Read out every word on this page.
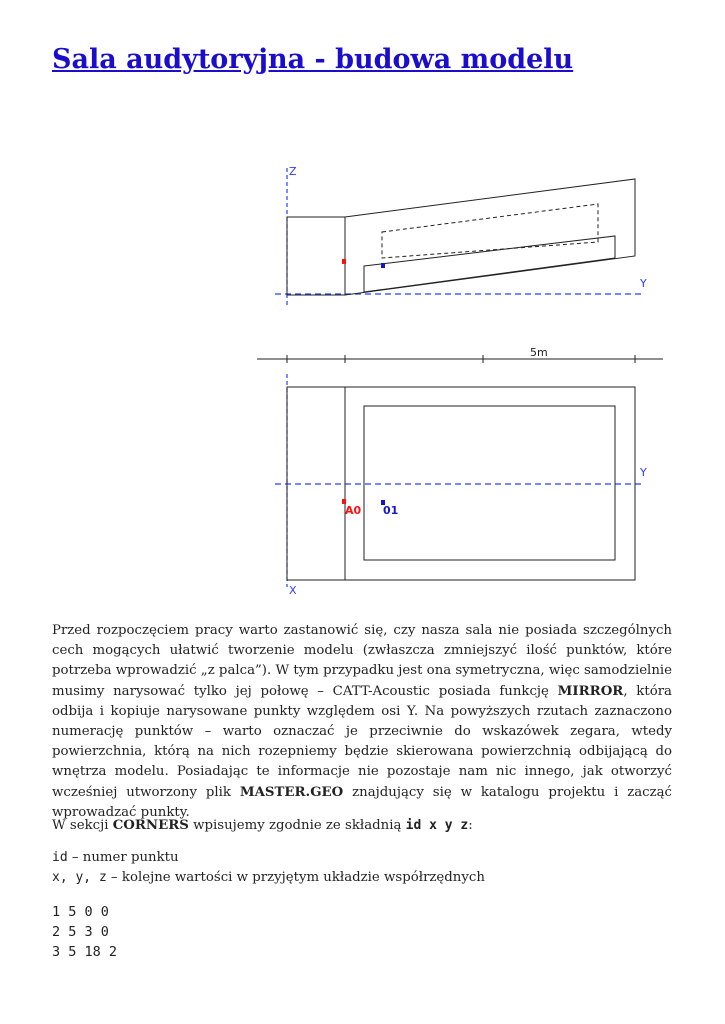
Sala audytoryjna - budowa modelu
Z
Y
5m
Y
X
A0 01

Przed rozpoczęciem pracy warto zastanowić się, czy nasza sala nie posiada szczególnych cech mogących ułatwić tworzenie modelu (zwłaszcza zmniejszyć ilość punktów, które potrzeba wprowadzić „z palca”). W tym przypadku jest ona symetryczna, więc samodzielnie musimy narysować tylko jej połowę – CATT-Acoustic posiada funkcję MIRROR, która odbija i kopiuje narysowane punkty względem osi Y. Na powyższych rzutach zaznaczono numerację punktów – warto oznaczać je przeciwnie do wskazówek zegara, wtedy powierzchnia, którą na nich rozepniemy będzie skierowana powierzchnią odbijającą do wnętrza modelu. Posiadając te informacje nie pozostaje nam nic innego, jak otworzyć wcześniej utworzony plik MASTER.GEO znajdujący się w katalogu projektu i zacząć wprowadzać punkty.

W sekcji CORNERS wpisujemy zgodnie ze składnią id x y z:

id – numer punktu
x, y, z – kolejne wartości w przyjętym układzie współrzędnych
1 5 0 0
2 5 3 0
3 5 18 2
